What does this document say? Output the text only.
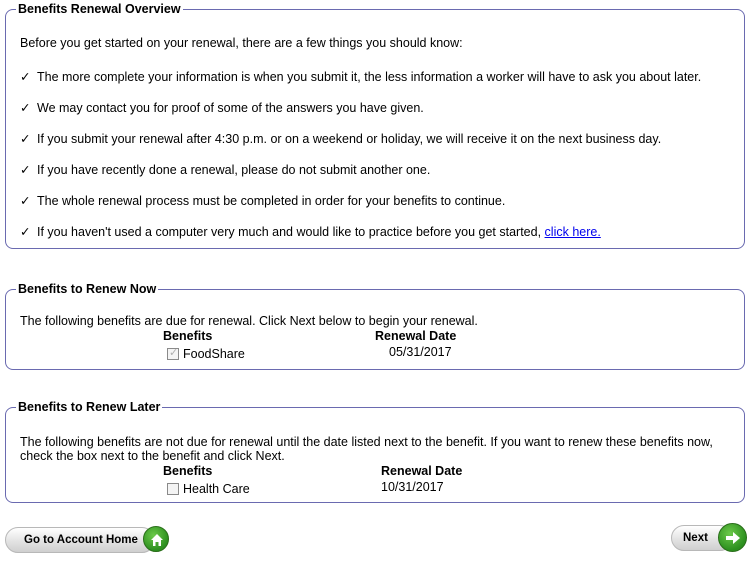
Benefits Renewal Overview
Before you get started on your renewal, there are a few things you should know:
✓ The more complete your information is when you submit it, the less information a worker will have to ask you about later.
✓ We may contact you for proof of some of the answers you have given.
✓ If you submit your renewal after 4:30 p.m. or on a weekend or holiday, we will receive it on the next business day.
✓ If you have recently done a renewal, please do not submit another one.
✓ The whole renewal process must be completed in order for your benefits to continue.
✓ If you haven't used a computer very much and would like to practice before you get started, click here.
Benefits to Renew Now
The following benefits are due for renewal. Click Next below to begin your renewal.
Benefits	Renewal Date
✓
FoodShare	05/31/2017
Benefits to Renew Later
The following benefits are not due for renewal until the date listed next to the benefit. If you want to renew these benefits now,
check the box next to the benefit and click Next.
Benefits	Renewal Date
Health Care	10/31/2017
Go to Account Home	Next
